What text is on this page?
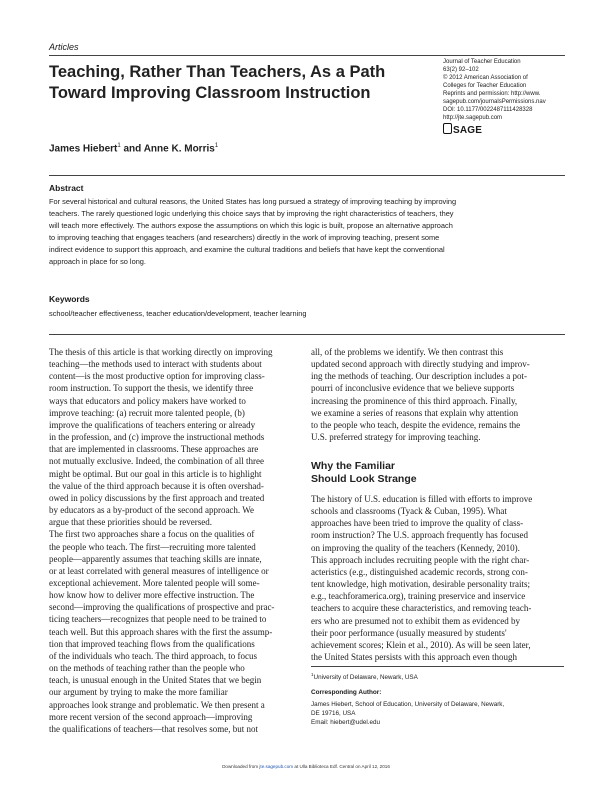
Articles
Teaching, Rather Than Teachers, As a Path
Toward Improving Classroom Instruction
Journal of Teacher Education
63(2) 92–102
© 2012 American Association of
Colleges for Teacher Education
Reprints and permission: http://www.
sagepub.com/journalsPermissions.nav
DOI: 10.1177/0022487111428328
http://jte.sagepub.com
SAGE
James Hiebert$^1$ and Anne K. Morris$^1$
Abstract
For several historical and cultural reasons, the United States has long pursued a strategy of improving teaching by improving
teachers. The rarely questioned logic underlying this choice says that by improving the right characteristics of teachers, they
will teach more effectively. The authors expose the assumptions on which this logic is built, propose an alternative approach
to improving teaching that engages teachers (and researchers) directly in the work of improving teaching, present some
indirect evidence to support this approach, and examine the cultural traditions and beliefs that have kept the conventional
approach in place for so long.
Keywords
school/teacher effectiveness, teacher education/development, teacher learning
The thesis of this article is that working directly on improving
teaching—the methods used to interact with students about
content—is the most productive option for improving class-
room instruction. To support the thesis, we identify three
ways that educators and policy makers have worked to
improve teaching: (a) recruit more talented people, (b)
improve the qualifications of teachers entering or already
in the profession, and (c) improve the instructional methods
that are implemented in classrooms. These approaches are
not mutually exclusive. Indeed, the combination of all three
might be optimal. But our goal in this article is to highlight
the value of the third approach because it is often overshad-
owed in policy discussions by the first approach and treated
by educators as a by-product of the second approach. We
argue that these priorities should be reversed.
The first two approaches share a focus on the qualities of
the people who teach. The first—recruiting more talented
people—apparently assumes that teaching skills are innate,
or at least correlated with general measures of intelligence or
exceptional achievement. More talented people will some-
how know how to deliver more effective instruction. The
second—improving the qualifications of prospective and prac-
ticing teachers—recognizes that people need to be trained to
teach well. But this approach shares with the first the assump-
tion that improved teaching flows from the qualifications
of the individuals who teach. The third approach, to focus
on the methods of teaching rather than the people who
teach, is unusual enough in the United States that we begin
our argument by trying to make the more familiar
approaches look strange and problematic. We then present a
more recent version of the second approach—improving
the qualifications of teachers—that resolves some, but not
all, of the problems we identify. We then contrast this
updated second approach with directly studying and improv-
ing the methods of teaching. Our description includes a pot-
pourri of inconclusive evidence that we believe supports
increasing the prominence of this third approach. Finally,
we examine a series of reasons that explain why attention
to the people who teach, despite the evidence, remains the
U.S. preferred strategy for improving teaching.
Why the Familiar
Should Look Strange
The history of U.S. education is filled with efforts to improve
schools and classrooms (Tyack & Cuban, 1995). What
approaches have been tried to improve the quality of class-
room instruction? The U.S. approach frequently has focused
on improving the quality of the teachers (Kennedy, 2010).
This approach includes recruiting people with the right char-
acteristics (e.g., distinguished academic records, strong con-
tent knowledge, high motivation, desirable personality traits;
e.g., teachforamerica.org), training preservice and inservice
teachers to acquire these characteristics, and removing teach-
ers who are presumed not to exhibit them as evidenced by
their poor performance (usually measured by students'
achievement scores; Klein et al., 2010). As will be seen later,
the United States persists with this approach even though
$^1$University of Delaware, Newark, USA
Corresponding Author:
James Hiebert, School of Education, University of Delaware, Newark,
DE 19716, USA
Email: hiebert@udel.edu
Downloaded from jte.sagepub.com at Ulla Biblioteca Edf. Central on April 12, 2016
